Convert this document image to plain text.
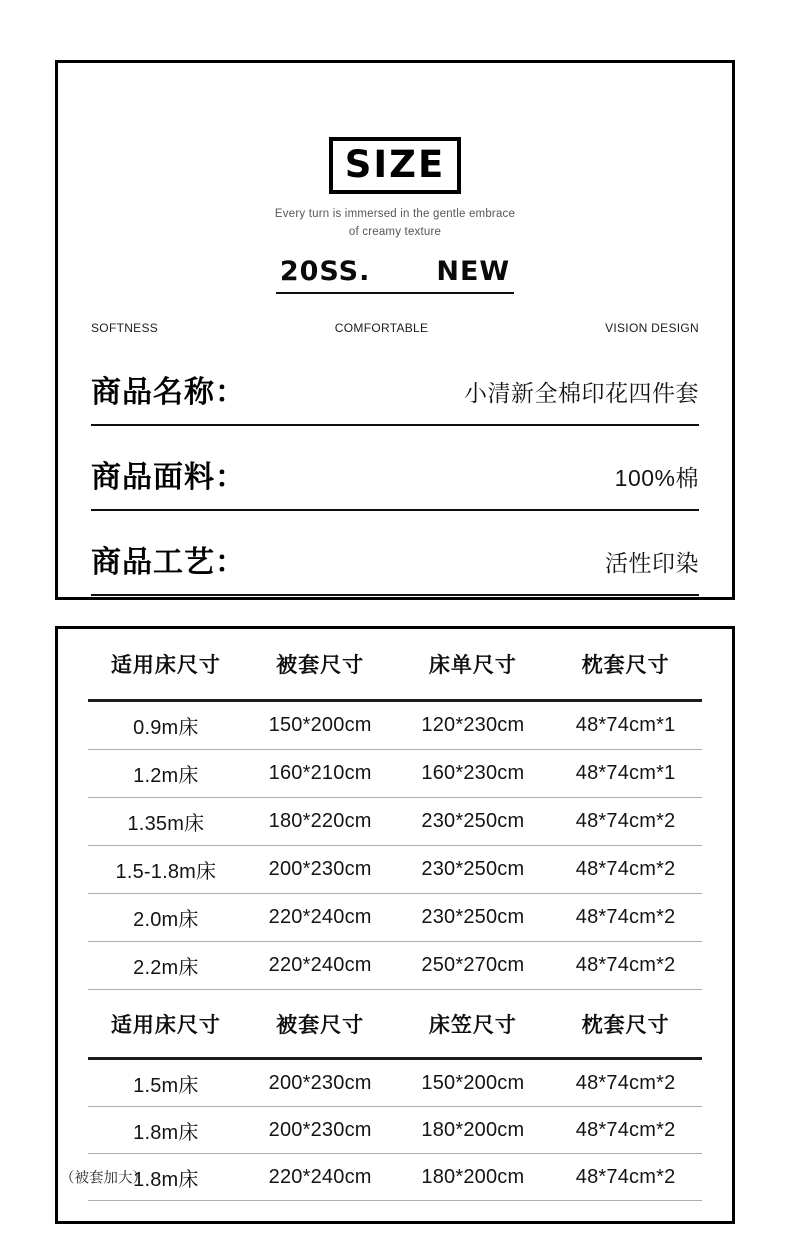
SIZE

Every turn is immersed in the gentle embrace
of creamy texture

20SS. NEW
SOFTNESS	COMFORTABLE	VISION DESIGN
商品名称：	小清新全棉印花四件套
商品面料：	100%棉
商品工艺：	活性印染
适用床尺寸	被套尺寸	床单尺寸	枕套尺寸
0.9m床	150*200cm	120*230cm	48*74cm*1
1.2m床	160*210cm	160*230cm	48*74cm*1
1.35m床	180*220cm	230*250cm	48*74cm*2
1.5-1.8m床	200*230cm	230*250cm	48*74cm*2
2.0m床	220*240cm	230*250cm	48*74cm*2
2.2m床	220*240cm	250*270cm	48*74cm*2
适用床尺寸	被套尺寸	床笠尺寸	枕套尺寸
1.5m床	200*230cm	150*200cm	48*74cm*2
1.8m床	200*230cm	180*200cm	48*74cm*2
（被套加大）
1.8m床	220*240cm	180*200cm	48*74cm*2
